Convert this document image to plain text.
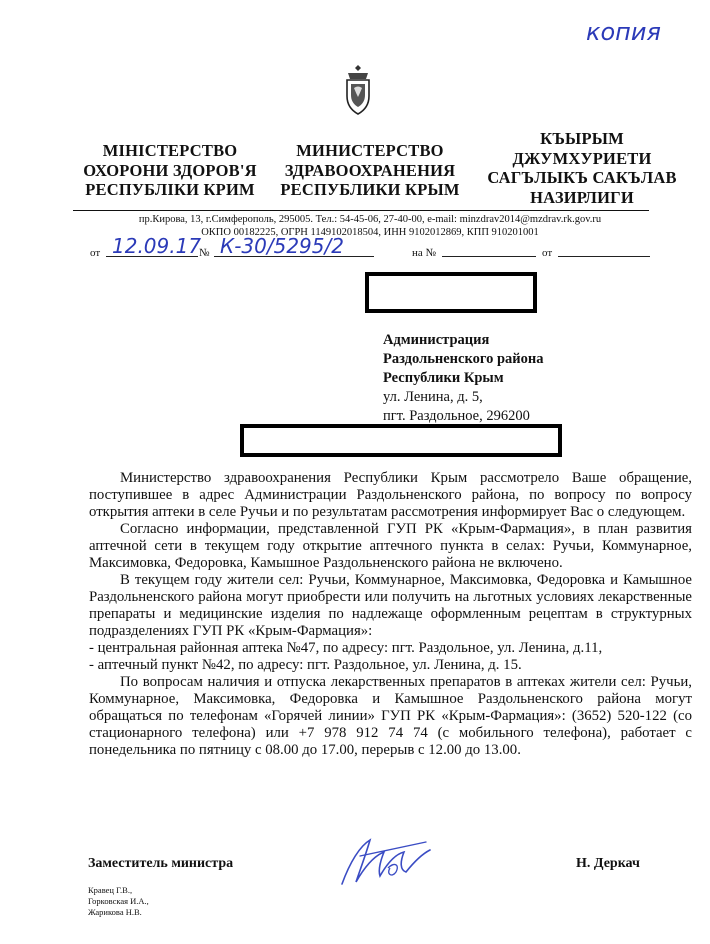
копия
МІНІСТЕРСТВО
ОХОРОНИ ЗДОРОВ'Я
РЕСПУБЛІКИ КРИМ
МИНИСТЕРСТВО
ЗДРАВООХРАНЕНИЯ
РЕСПУБЛИКИ КРЫМ
КЪЫРЫМ
ДЖУМХУРИЕТИ
САГЪЛЫКЪ САКЪЛАВ
НАЗИРЛИГИ
пр.Кирова, 13, г.Симферополь, 295005. Тел.: 54-45-06, 27-40-00, e-mail: minzdrav2014@mzdrav.rk.gov.ru
ОКПО 00182225, ОГРН 1149102018504, ИНН 9102012869, КПП 910201001
от 12.09.17
№ К-30/5295/2	на №	от
Администрация
Раздольненского района
Республики Крым
ул. Ленина, д. 5,
пгт. Раздольное, 296200

Министерство здравоохранения Республики Крым рассмотрело Ваше обращение, поступившее в адрес Администрации Раздольненского района, по вопросу по вопросу открытия аптеки в селе Ручьи и по результатам рассмотрения информирует Вас о следующем.

Согласно информации, представленной ГУП РК «Крым-Фармация», в план развития аптечной сети в текущем году открытие аптечного пункта в селах: Ручьи, Коммунарное, Максимовка, Федоровка, Камышное Раздольненского района не включено.

В текущем году жители сел: Ручьи, Коммунарное, Максимовка, Федоровка и Камышное Раздольненского района могут приобрести или получить на льготных условиях лекарственные препараты и медицинские изделия по надлежаще оформленным рецептам в структурных подразделениях ГУП РК «Крым-Фармация»:

- центральная районная аптека №47, по адресу: пгт. Раздольное, ул. Ленина, д.11,

- аптечный пункт №42, по адресу: пгт. Раздольное, ул. Ленина, д. 15.

По вопросам наличия и отпуска лекарственных препаратов в аптеках жители сел: Ручьи, Коммунарное, Максимовка, Федоровка и Камышное Раздольненского района могут обращаться по телефонам «Горячей линии» ГУП РК «Крым-Фармация»: (3652) 520-122 (со стационарного телефона) или +7 978 912 74 74 (с мобильного телефона), работает с понедельника по пятницу с 08.00 до 17.00, перерыв с 12.00 до 13.00.

Заместитель министра	Н. Деркач
Кравец Г.В.,
Горковская И.А.,
Жарикова Н.В.
